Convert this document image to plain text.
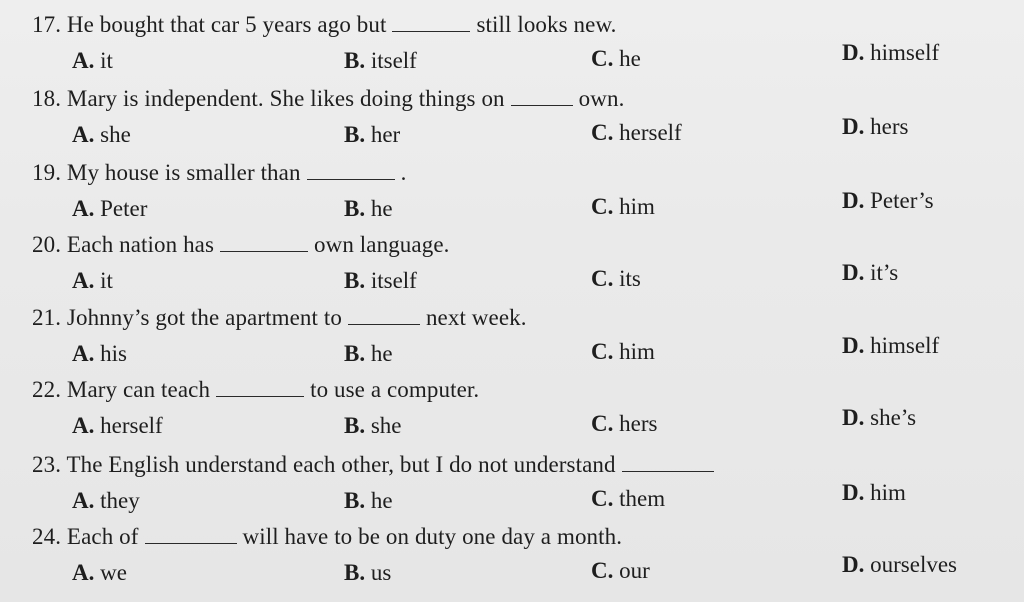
17. He bought that car 5 years ago but	still looks new.
A. it	B. itself	C. he	D. himself
18. Mary is independent. She likes doing things on	own.
A. she	B. her	C. herself	D. hers
19. My house is smaller than	.
A. Peter	B. he	C. him	D. Peter’s
20. Each nation has	own language.
A. it	B. itself	C. its	D. it’s
21. Johnny’s got the apartment to	next week.
A. his	B. he	C. him	D. himself
22. Mary can teach	to use a computer.
A. herself	B. she	C. hers	D. she’s
23. The English understand each other, but I do not understand
A. they	B. he	C. them	D. him
24. Each of	will have to be on duty one day a month.
A. we	B. us	C. our	D. ourselves
